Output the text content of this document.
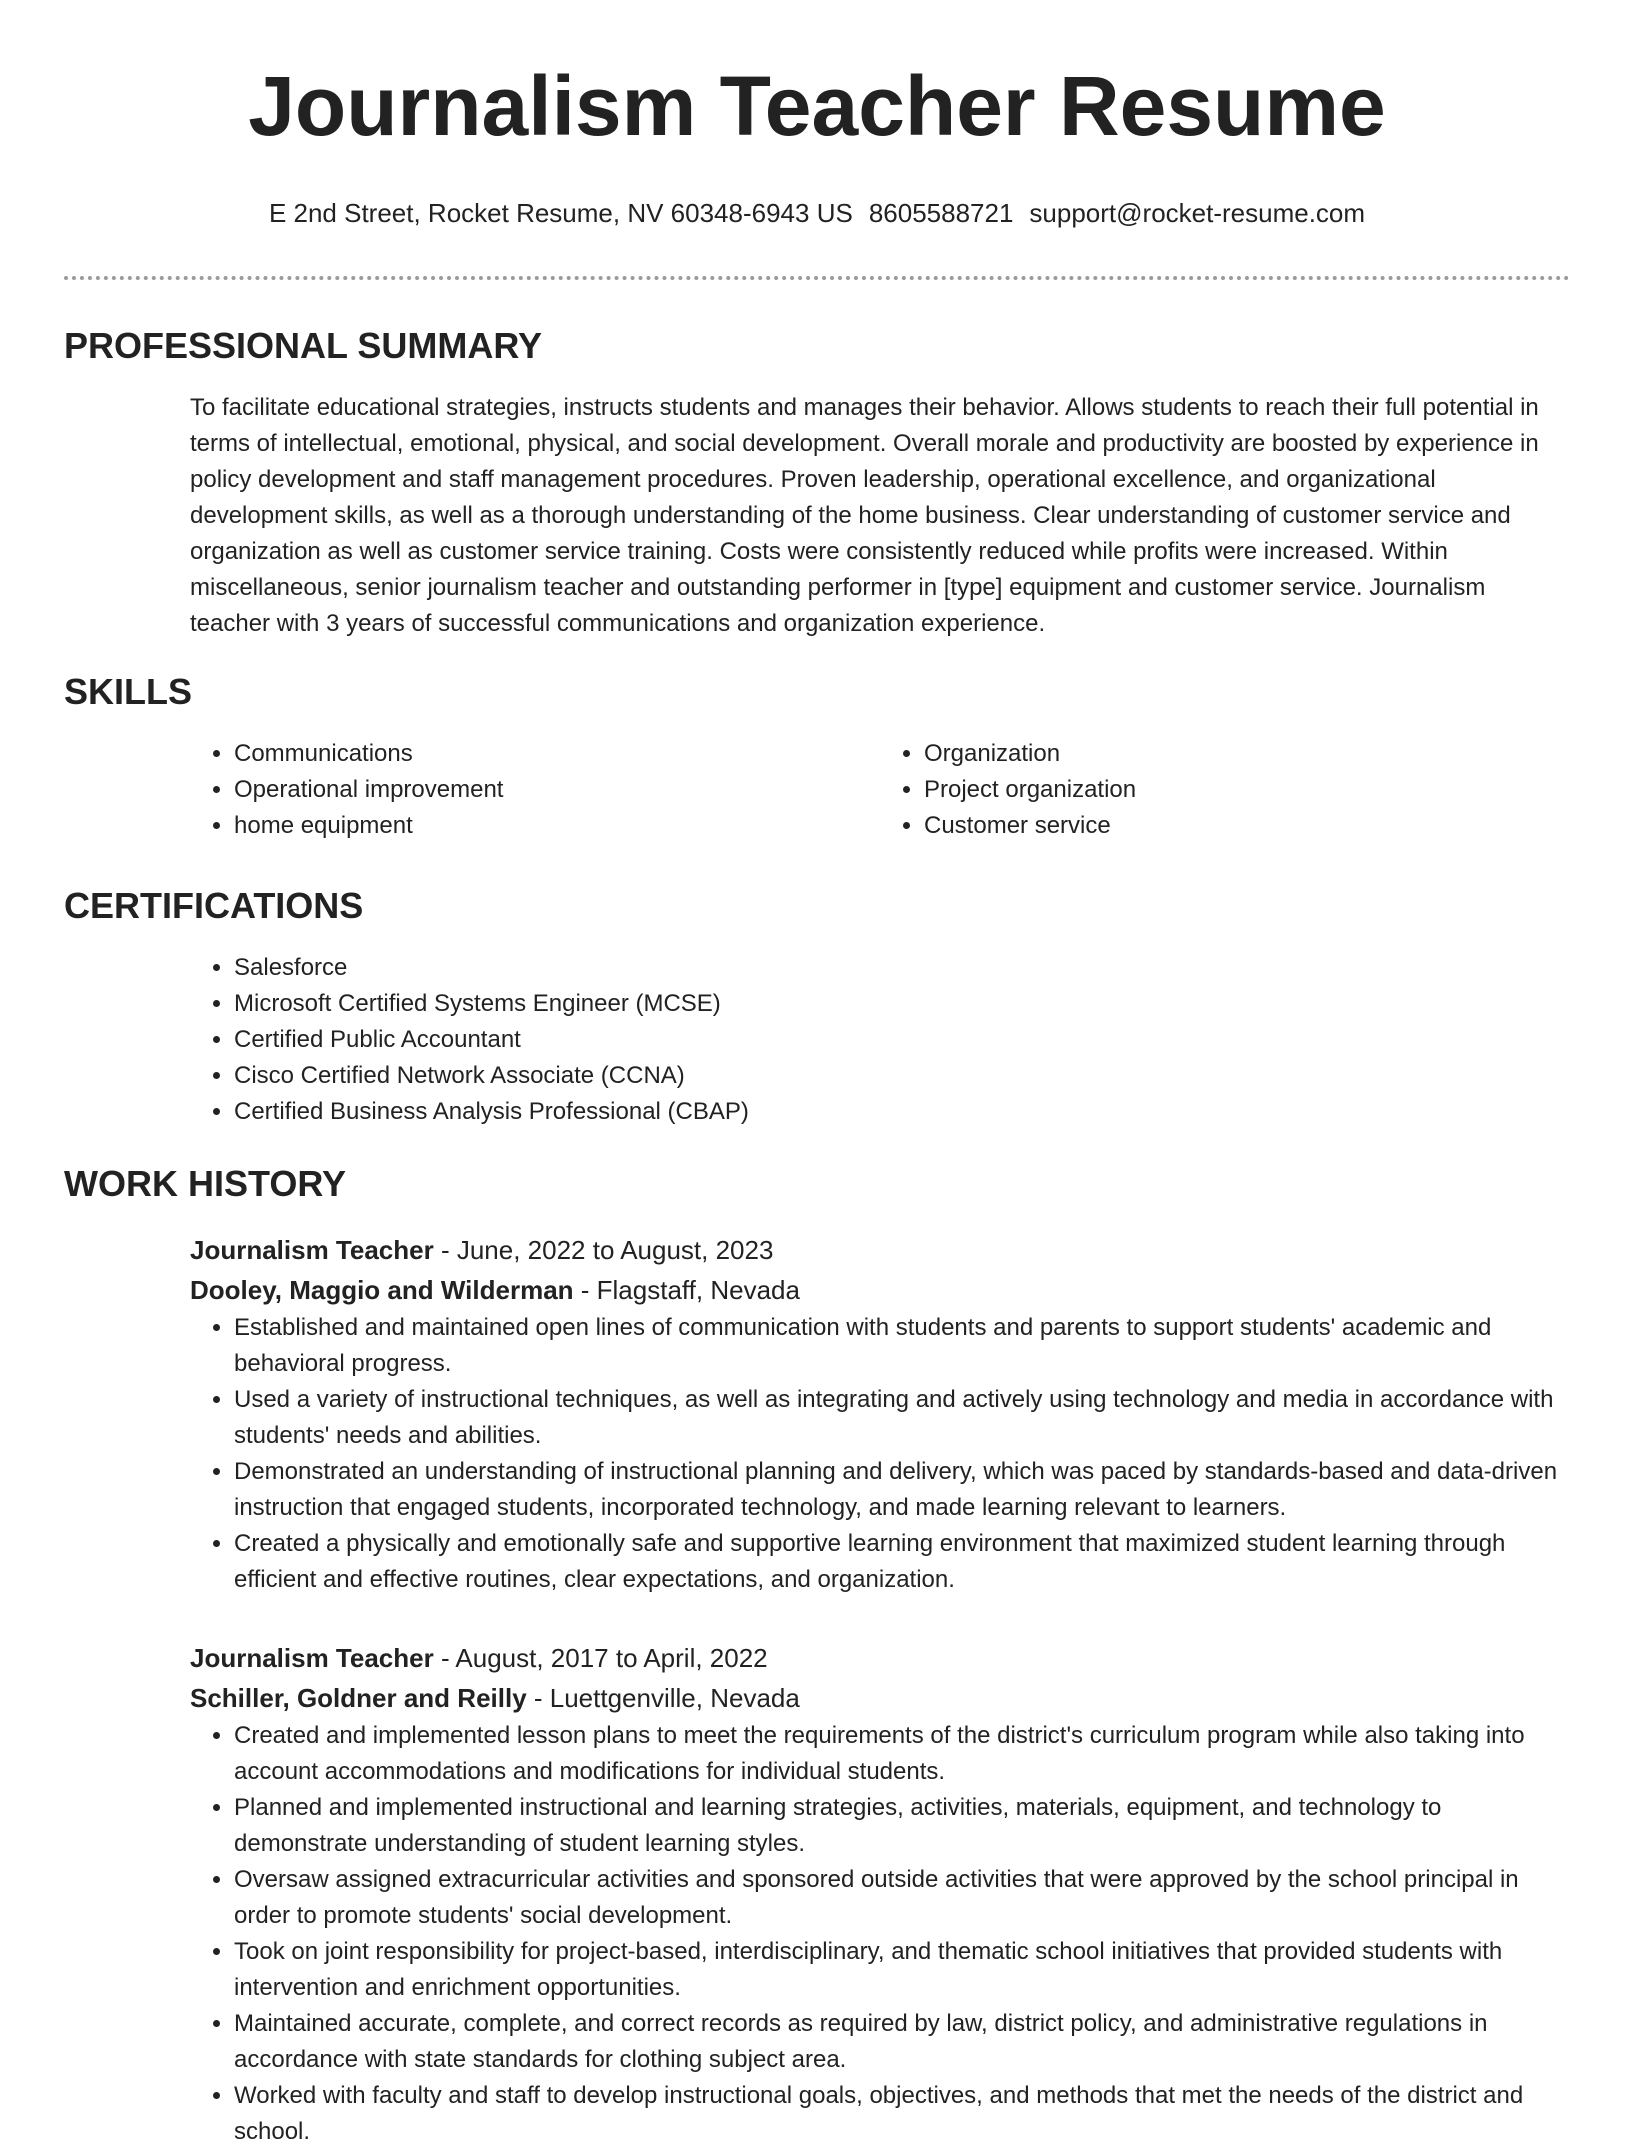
Journalism Teacher Resume
E 2nd Street, Rocket Resume, NV 60348-6943 US 8605588721 support@rocket-resume.com
PROFESSIONAL SUMMARY

To facilitate educational strategies, instructs students and manages their behavior. Allows students to reach their full potential in terms of intellectual, emotional, physical, and social development. Overall morale and productivity are boosted by experience in policy development and staff management procedures. Proven leadership, operational excellence, and organizational development skills, as well as a thorough understanding of the home business. Clear understanding of customer service and organization as well as customer service training. Costs were consistently reduced while profits were increased. Within miscellaneous, senior journalism teacher and outstanding performer in [type] equipment and customer service. Journalism teacher with 3 years of successful communications and organization experience.

SKILLS
• Communications
• Operational improvement
• home equipment
• Organization
• Project organization
• Customer service
CERTIFICATIONS
• Salesforce
• Microsoft Certified Systems Engineer (MCSE)
• Certified Public Accountant
• Cisco Certified Network Associate (CCNA)
• Certified Business Analysis Professional (CBAP)
WORK HISTORY
Journalism Teacher - June, 2022 to August, 2023
Dooley, Maggio and Wilderman - Flagstaff, Nevada
• Established and maintained open lines of communication with students and parents to support students' academic and behavioral progress.
• Used a variety of instructional techniques, as well as integrating and actively using technology and media in accordance with students' needs and abilities.
• Demonstrated an understanding of instructional planning and delivery, which was paced by standards-based and data-driven instruction that engaged students, incorporated technology, and made learning relevant to learners.
• Created a physically and emotionally safe and supportive learning environment that maximized student learning through efficient and effective routines, clear expectations, and organization.
Journalism Teacher - August, 2017 to April, 2022
Schiller, Goldner and Reilly - Luettgenville, Nevada
• Created and implemented lesson plans to meet the requirements of the district's curriculum program while also taking into account accommodations and modifications for individual students.
• Planned and implemented instructional and learning strategies, activities, materials, equipment, and technology to demonstrate understanding of student learning styles.
• Oversaw assigned extracurricular activities and sponsored outside activities that were approved by the school principal in order to promote students' social development.
• Took on joint responsibility for project-based, interdisciplinary, and thematic school initiatives that provided students with intervention and enrichment opportunities.
• Maintained accurate, complete, and correct records as required by law, district policy, and administrative regulations in accordance with state standards for clothing subject area.
• Worked with faculty and staff to develop instructional goals, objectives, and methods that met the needs of the district and school.
